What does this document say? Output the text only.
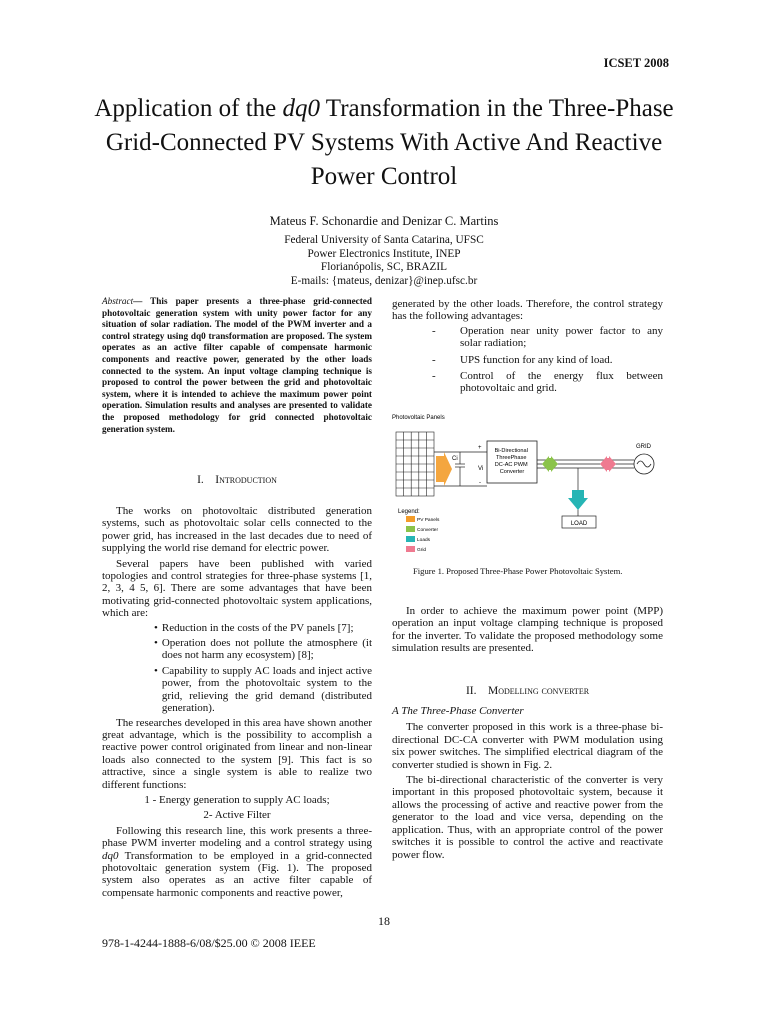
ICSET 2008
Application of the dq0 Transformation in the Three-Phase Grid-Connected PV Systems With Active And Reactive Power Control
Mateus F. Schonardie and Denizar C. Martins
Federal University of Santa Catarina, UFSC
Power Electronics Institute, INEP
Florianópolis, SC, BRAZIL
E-mails: {mateus, denizar}@inep.ufsc.br
Abstract— This paper presents a three-phase grid-connected photovoltaic generation system with unity power factor for any situation of solar radiation. The model of the PWM inverter and a control strategy using dq0 transformation are proposed. The system operates as an active filter capable of compensate harmonic components and reactive power, generated by the other loads connected to the system. An input voltage clamping technique is proposed to control the power between the grid and photovoltaic system, where it is intended to achieve the maximum power point operation. Simulation results and analyses are presented to validate the proposed methodology for grid connected photovoltaic generation system.
I. Introduction

The works on photovoltaic distributed generation systems, such as photovoltaic solar cells connected to the power grid, has increased in the last decades due to need of supplying the world rise demand for electric power.

Several papers have been published with varied topologies and control strategies for three-phase systems [1, 2, 3, 4 5, 6]. There are some advantages that have been motivating grid-connected photovoltaic system applications, which are:

• Reduction in the costs of the PV panels [7];
• Operation does not pollute the atmosphere (it does not harm any ecosystem) [8];
• Capability to supply AC loads and inject active power, from the photovoltaic system to the grid, relieving the grid demand (distributed generation).

The researches developed in this area have shown another great advantage, which is the possibility to accomplish a reactive power control originated from linear and non-linear loads also connected to the system [9]. This fact is so attractive, since a single system is able to realize two different functions:

1 - Energy generation to supply AC loads;

2- Active Filter

Following this research line, this work presents a three-phase PWM inverter modeling and a control strategy using dq0 Transformation to be employed in a grid-connected photovoltaic generation system (Fig. 1). The proposed system also operates as an active filter capable of compensate harmonic components and reactive power,

generated by the other loads. Therefore, the control strategy has the following advantages:

-	Operation near unity power factor to any solar radiation;
-	UPS function for any kind of load.
-	Control of the energy flux between photovoltaic and grid.
Photovoltaic Panels
Ci
Vi
+
-
Bi-Directional ThreePhase DC-AC PWM Converter
GRID
LOAD
Legend:
PV Panels
Converter
Loads
Grid
Figure 1. Proposed Three-Phase Power Photovoltaic System.

In order to achieve the maximum power point (MPP) operation an input voltage clamping technique is proposed for the inverter. To validate the proposed methodology some simulation results are presented.

II. Modelling converter

A The Three-Phase Converter

The converter proposed in this work is a three-phase bi-directional DC-CA converter with PWM modulation using six power switches. The simplified electrical diagram of the converter studied is shown in Fig. 2.

The bi-directional characteristic of the converter is very important in this proposed photovoltaic system, because it allows the processing of active and reactive power from the generator to the load and vice versa, depending on the application. Thus, with an appropriate control of the power switches it is possible to control the active and reactivate power flow.

18
978-1-4244-1888-6/08/$25.00 © 2008 IEEE
